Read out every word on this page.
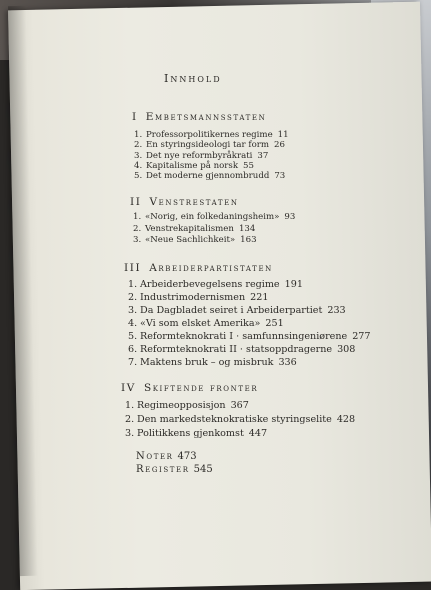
Innhold
I Embetsmannsstaten
1. Professorpolitikernes regime 11
2. En styringsideologi tar form 26
3. Det nye reformbyråkrati 37
4. Kapitalisme på norsk 55
5. Det moderne gjennombrudd 73
II Venstrestaten
1. «Norig, ein folkedaningsheim» 93
2. Venstrekapitalismen 134
3. «Neue Sachlichkeit» 163
III Arbeiderpartistaten
1. Arbeiderbevegelsens regime 191
2. Industrimodernismen 221
3. Da Dagbladet seiret i Arbeiderpartiet 233
4. «Vi som elsket Amerika» 251
5. Reformteknokrati I · samfunnsingeniørene 277
6. Reformteknokrati II · statsoppdragerne 308
7. Maktens bruk – og misbruk 336
IV Skiftende fronter
1. Regimeopposisjon 367
2. Den markedsteknokratiske styringselite 428
3. Politikkens gjenkomst 447
Noter 473
Register 545
